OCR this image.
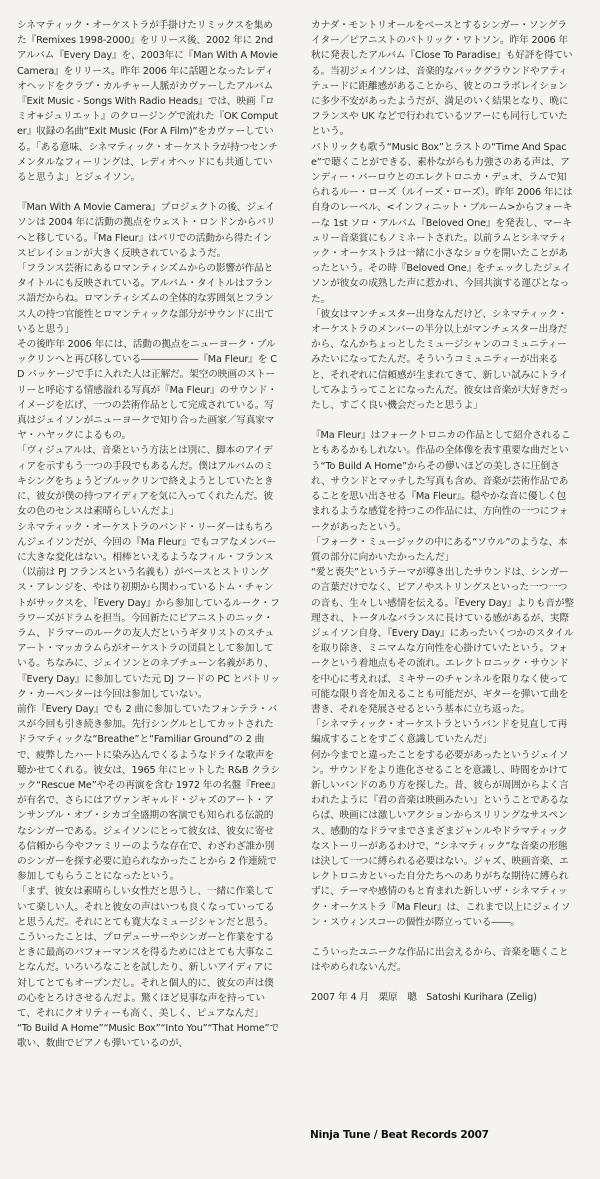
シネマティック・オーケストラが手掛けたリミックスを集めた『Remixes 1998-2000』をリリース後、2002 年に 2nd アルバム『Every Day』を、2003年に『Man With A Movie Camera』をリリース。昨年 2006 年に話題となったレディオヘッドをクラブ・カルチャー人脈がカヴァーしたアルバム『Exit Music - Songs With Radio Heads』では、映画『ロミオ+ジュリエット』のクロージングで流れた『OK Computer』収録の名曲“Exit Music (For A Film)”をカヴァーしている。「ある意味、シネマティック・オーケストラが持つセンチメンタルなフィーリングは、レディオヘッドにも共通していると思うよ」とジェイソン。

『Man With A Movie Camera』プロジェクトの後、ジェイソンは 2004 年に活動の拠点をウェスト・ロンドンからパリへと移している。『Ma Fleur』はパリでの活動から得たインスピレイションが大きく反映されているようだ。

「フランス芸術にあるロマンティシズムからの影響が作品とタイトルにも反映されている。アルバム・タイトルはフランス語だからね。ロマンティシズムの全体的な雰囲気とフランス人の持つ官能性とロマンティックな部分がサウンドに出ていると思う」

その後昨年 2006 年には、活動の拠点をニューヨーク・ブルックリンへと再び移している――――――『Ma Fleur』を CD パッケージで手に入れた人は正解だ。架空の映画のストーリーと呼応する情感溢れる写真が『Ma Fleur』のサウンド・イメージを広げ、一つの芸術作品として完成されている。写真はジェイソンがニューヨークで知り合った画家／写真家マヤ・ハヤックによるもの。

「ヴィジュアルは、音楽という方法とは別に、脚本のアイディアを示すもう一つの手段でもあるんだ。僕はアルバムのミキシングをちょうどブルックリンで終えようとしていたときに、彼女が僕の持つアイディアを気に入ってくれたんだ。彼女の色のセンスは素晴らしいんだよ」

シネマティック・オーケストラのバンド・リーダーはもちろんジェイソンだが、今回の『Ma Fleur』でもコアなメンバーに大きな変化はない。相棒といえるようなフィル・フランス（以前は PJ フランスという名義も）がベースとストリングス・アレンジを、やはり初期から関わっているトム・チャントがサックスを、『Every Day』から参加しているルーク・フラワーズがドラムを担当。今回新たにピアニストのニック・ラム、ドラマーのルークの友人だというギタリストのスチュアート・マッカラムらがオーケストラの団員として参加している。ちなみに、ジェイソンとのネプチューン名義があり、『Every Day』に参加していた元 DJ フードの PC とパトリック・カーペンターは今回は参加していない。

前作『Every Day』でも 2 曲に参加していたフォンテラ・バスが今回も引き続き参加。先行シングルとしてカットされたドラマティックな“Breathe”と“Familiar Ground”の 2 曲で、疲弊したハートに染み込んでくるようなドライな歌声を聴かせてくれる。彼女は、1965 年にヒットした R&B クラシック“Rescue Me”やその再演を含む 1972 年の名盤『Free』が有名で、さらにはアヴァンギャルド・ジャズのアート・アンサンブル・オブ・シカゴ全盛期の客演でも知られる伝説的なシンガーである。ジェイソンにとって彼女は、彼女に寄せる信頼から今やファミリーのような存在で、わざわざ誰か別のシンガーを探す必要に迫られなかったことから 2 作連続で参加してもらうことになったという。

「まず、彼女は素晴らしい女性だと思うし、一緒に作業していて楽しい人。それと彼女の声はいつも良くなっていってると思うんだ。それにとても寛大なミュージシャンだと思う。こういったことは、プロデューサーやシンガーと作業をするときに最高のパフォーマンスを得るためにはとても大事なことなんだ。いろいろなことを試したり、新しいアイディアに対してとてもオープンだし。それと個人的に、彼女の声は僕の心をとろけさせるんだよ。驚くほど見事な声を持っていて、それにクオリティーも高く、美しく、ピュアなんだ」

“To Build A Home”“Music Box”“Into You”“That Home”で歌い、数曲でピアノも弾いているのが、

カナダ・モントリオールをベースとするシンガー・ソングライター／ピアニストのパトリック・ワトソン。昨年 2006 年秋に発表したアルバム『Close To Paradise』も好評を得ている。当初ジェイソンは、音楽的なバックグラウンドやアティテュードに距離感があることから、彼とのコラボレイションに多少不安があったようだが、満足のいく結果となり、晩にフランスや UK などで行われているツアーにも同行していたという。

パトリックも歌う“Music Box”とラストの“Time And Space”で聴くことができる、素朴ながらも力強さのある声は、アンディー・バーロウとのエレクトロニカ・デュオ、ラムで知られるルー・ローズ（ルイーズ・ローズ）。昨年 2006 年には自身のレーベル、<インフィニット・ブルーム>からフォーキーな 1st ソロ・アルバム『Beloved One』を発表し、マーキュリー音楽賞にもノミネートされた。以前ラムとシネマティック・オーケストラは一緒に小さなショウを開いたことがあったという。その時『Beloved One』をチェックしたジェイソンが彼女の成熟した声に惹かれ、今回共演する運びとなった。

「彼女はマンチェスター出身なんだけど、シネマティック・オーケストラのメンバーの半分以上がマンチェスター出身だから、なんかちょっとしたミュージシャンのコミュニティーみたいになってたんだ。そういうコミュニティーが出来ると、それぞれに信頼感が生まれてきて、新しい試みにトライしてみようってことになったんだ。彼女は音楽が大好きだったし、すごく良い機会だったと思うよ」

『Ma Fleur』はフォークトロニカの作品として紹介されることもあるかもしれない。作品の全体像を表す重要な曲だという“To Build A Home”からその儚いほどの美しさに圧倒され、サウンドとマッチした写真も含め、音楽が芸術作品であることを思い出させる『Ma Fleur』。穏やかな音に優しく包まれるような感覚を持つこの作品には、方向性の一つにフォークがあったという。

「フォーク・ミュージックの中にある“ソウル”のような、本質の部分に向かいたかったんだ」

“愛と喪失”というテーマが導き出したサウンドは、シンガーの言葉だけでなく、ピアノやストリングスといった一つ一つの音も、生々しい感情を伝える。『Every Day』よりも音が整理され、トータルなバランスに長けている感があるが、実際ジェイソン自身、『Every Day』にあったいくつかのスタイルを取り除き、ミニマムな方向性を心掛けていたという。フォークという着地点もその流れ。エレクトロニック・サウンドを中心に考えれば、ミキサーのチャンネルを限りなく使って可能な限り音を加えることも可能だが、ギターを弾いて曲を書き、それを発展させるという基本に立ち返った。

「シネマティック・オーケストラというバンドを見直して再編成することをすごく意識していたんだ」

何か今までと違ったことをする必要があったというジェイソン。サウンドをより進化させることを意識し、時間をかけて新しいバンドのあり方を探した。昔、彼らが周囲からよく言われたように『君の音楽は映画みたい』ということであるならば、映画には激しいアクションからスリリングなサスペンス、感動的なドラマまでさまざまジャンルやドラマティックなストーリーがあるわけで、“シネマティック”な音楽の形態は決して一つに縛られる必要はない。ジャズ、映画音楽、エレクトロニカといった自分たちへのありがちな期待に縛られずに、テーマや感情のもと育まれた新しいザ・シネマティック・オーケストラ『Ma Fleur』は、これまで以上にジェイソン・スウィンスコーの個性が際立っている――。

こういったユニークな作品に出会えるから、音楽を聴くことはやめられないんだ。

2007 年 4 月　栗原　聰　Satoshi Kurihara (Zelig)

Ninja Tune / Beat Records 2007
